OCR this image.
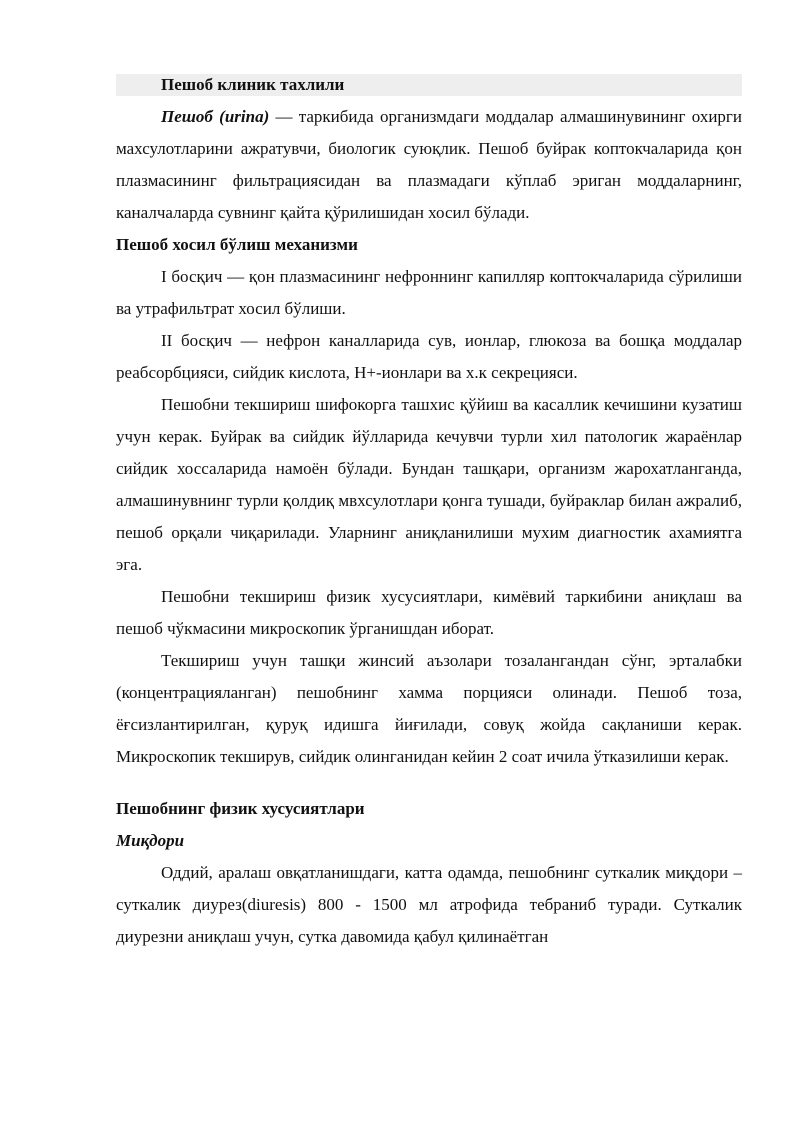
Пешоб клиник тахлили

Пешоб (urina) — таркибида организмдаги моддалар алмашинувининг охирги махсулотларини ажратувчи, биологик суюқлик. Пешоб буйрак коптокчаларида қон плазмасининг фильтрациясидан ва плазмадаги кўплаб эриган моддаларнинг, каналчаларда сувнинг қайта қўрилишидан хосил бўлади.

Пешоб хосил бўлиш механизми

I босқич — қон плазмасининг нефроннинг капилляр коптокчаларида сўрилиши ва утрафильтрат хосил бўлиши.

II босқич — нефрон каналларида сув, ионлар, глюкоза ва бошқа моддалар реабсорбцияси, сийдик кислота, H+-ионлари ва х.к секрецияси.

Пешобни текшириш шифокорга ташхис қўйиш ва касаллик кечишини кузатиш учун керак. Буйрак ва сийдик йўлларида кечувчи турли хил патологик жараёнлар сийдик хоссаларида намоён бўлади. Бундан ташқари, организм жарохатланганда, алмашинувнинг турли қолдиқ мвхсулотлари қонга тушади, буйраклар билан ажралиб, пешоб орқали чиқарилади. Уларнинг аниқланилиши мухим диагностик ахамиятга эга.

Пешобни текшириш физик хусусиятлари, кимёвий таркибини аниқлаш ва пешоб чўкмасини микроскопик ўрганишдан иборат.

Текшириш учун ташқи жинсий аъзолари тозалангандан сўнг, эрталабки (концентрацияланган) пешобнинг хамма порцияси олинади. Пешоб тоза, ёғсизлантирилган, қуруқ идишга йиғилади, совуқ жойда сақланиши керак. Микроскопик текширув, сийдик олинганидан кейин 2 соат ичила ўтказилиши керак.

Пешобнинг физик хусусиятлари
Миқдори

Оддий, аралаш овқатланишдаги, катта одамда, пешобнинг суткалик миқдори – суткалик диурез(diuresis) 800 - 1500 мл атрофида тебраниб туради. Суткалик диурезни аниқлаш учун, сутка давомида қабул қилинаётган
